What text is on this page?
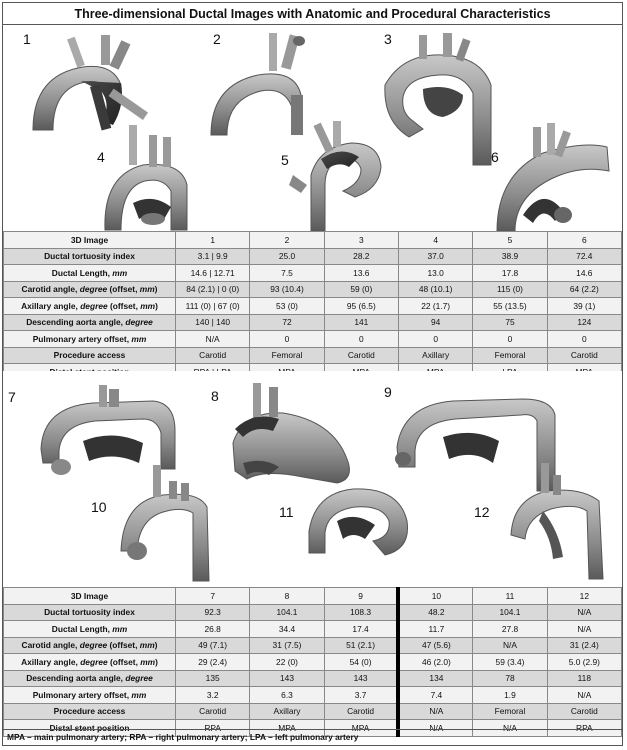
Three-dimensional Ductal Images with Anatomic and Procedural Characteristics
1	2	3
4	5	6
3D Image	1	2	3	4	5	6
Ductal tortuosity index	3.1 | 9.9	25.0	28.2	37.0	38.9	72.4
Ductal Length, mm	14.6 | 12.71	7.5	13.6	13.0	17.8	14.6
Carotid angle, degree (offset, mm)	84 (2.1) | 0 (0)	93 (10.4)	59 (0)	48 (10.1)	115 (0)	64 (2.2)
Axillary angle, degree (offset, mm)	111 (0) | 67 (0)	53 (0)	95 (6.5)	22 (1.7)	55 (13.5)	39 (1)
Descending aorta angle, degree	140 | 140	72	141	94	75	124
Pulmonary artery offset, mm	N/A	0	0	0	0	0
Procedure access	Carotid	Femoral	Carotid	Axillary	Femoral	Carotid

7	8	9
10	11	12
3D Image	7	8	9	10	11	12
Ductal tortuosity index	92.3	104.1	108.3	48.2	104.1	N/A
Ductal Length, mm	26.8	34.4	17.4	11.7	27.8	N/A
Carotid angle, degree (offset, mm)	49 (7.1)	31 (7.5)	51 (2.1)	47 (5.6)	N/A	31 (2.4)
Axillary angle, degree (offset, mm)	29 (2.4)	22 (0)	54 (0)	46 (2.0)	59 (3.4)	5.0 (2.9)
Descending aorta angle, degree	135	143	143	134	78	118
Pulmonary artery offset, mm	3.2	6.3	3.7	7.4	1.9	N/A
Procedure access	Carotid	Axillary	Carotid	N/A	Femoral	Carotid
Distal stent position	RPA	MPA	MPA	N/A	N/A	RPA
MPA – main pulmonary artery; RPA – right pulmonary artery; LPA – left pulmonary artery
